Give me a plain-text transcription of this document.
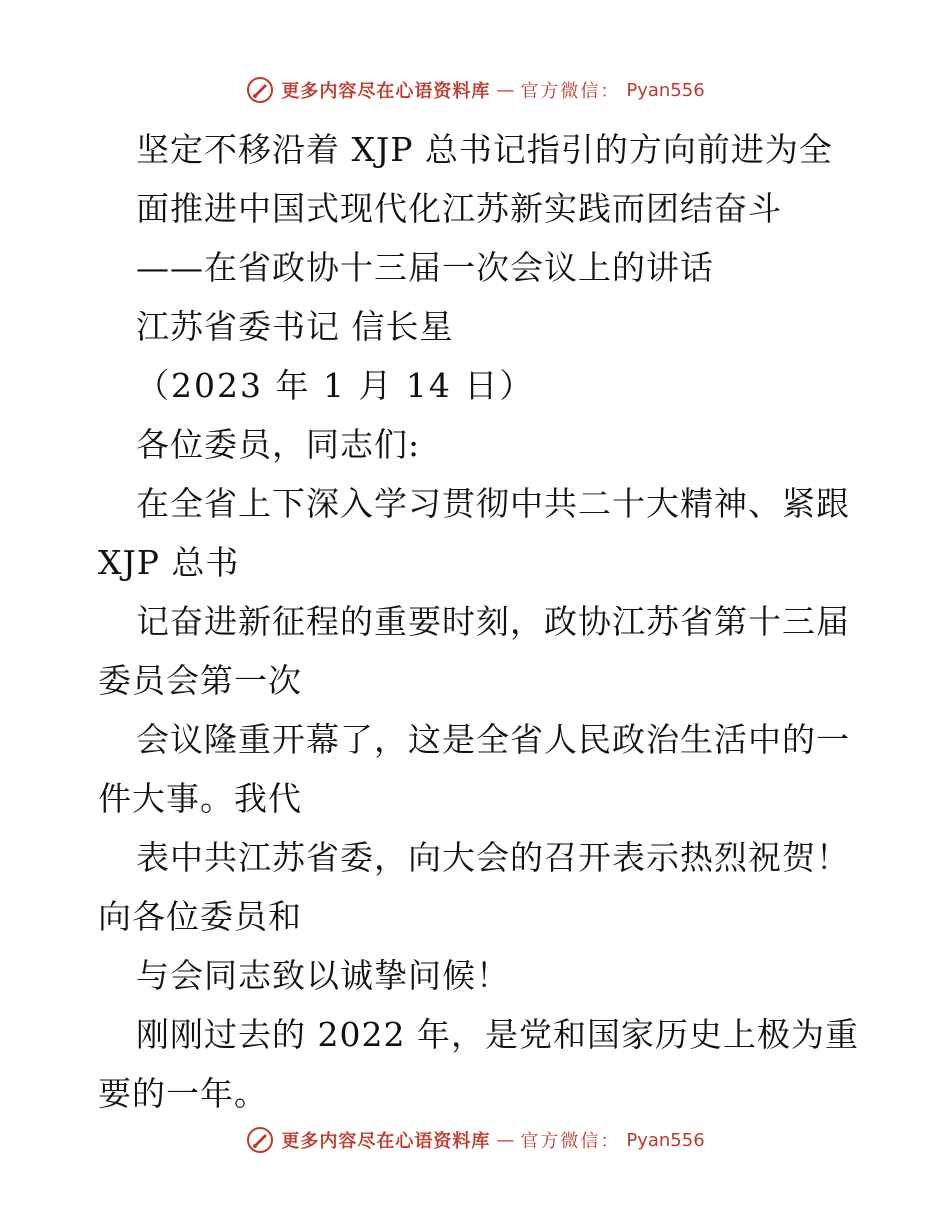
更多内容尽在心语资料库 — 官方微信： Pyan556
坚定不移沿着 XJP 总书记指引的方向前进为全
面推进中国式现代化江苏新实践而团结奋斗
——在省政协十三届一次会议上的讲话
江苏省委书记 信长星
（2023 年 1 月 14 日）
各位委员，同志们:
在全省上下深入学习贯彻中共二十大精神、紧跟
XJP 总书
记奋进新征程的重要时刻，政协江苏省第十三届
委员会第一次
会议隆重开幕了，这是全省人民政治生活中的一
件大事。我代
表中共江苏省委，向大会的召开表示热烈祝贺！
向各位委员和
与会同志致以诚挚问候！
刚刚过去的 2022 年，是党和国家历史上极为重
要的一年。
更多内容尽在心语资料库 — 官方微信： Pyan556
